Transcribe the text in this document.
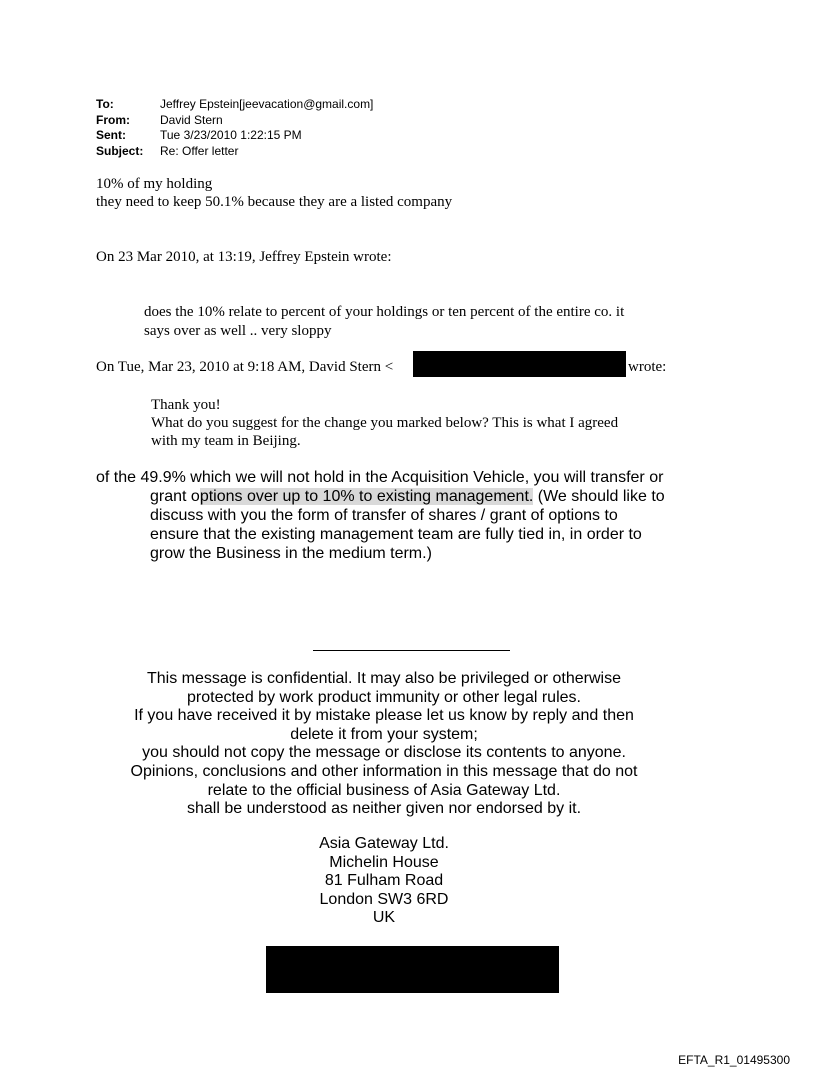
To:	Jeffrey Epstein[jeevacation@gmail.com]
From:	David Stern
Sent:	Tue 3/23/2010 1:22:15 PM
Subject:	Re: Offer letter
10% of my holding
they need to keep 50.1% because they are a listed company
On 23 Mar 2010, at 13:19, Jeffrey Epstein wrote:
does the 10% relate to percent of your holdings or ten percent of the entire co. it
says over as well .. very sloppy
On Tue, Mar 23, 2010 at 9:18 AM, David Stern <	wrote:
Thank you!
What do you suggest for the change you marked below? This is what I agreed
with my team in Beijing.
of the 49.9% which we will not hold in the Acquisition Vehicle, you will transfer or
grant options over up to 10% to existing management. (We should like to
discuss with you the form of transfer of shares / grant of options to
ensure that the existing management team are fully tied in, in order to
grow the Business in the medium term.)
This message is confidential. It may also be privileged or otherwise
protected by work product immunity or other legal rules.
If you have received it by mistake please let us know by reply and then
delete it from your system;
you should not copy the message or disclose its contents to anyone.
Opinions, conclusions and other information in this message that do not
relate to the official business of Asia Gateway Ltd.
shall be understood as neither given nor endorsed by it.
Asia Gateway Ltd.
Michelin House
81 Fulham Road
London SW3 6RD
UK
EFTA_R1_01495300
